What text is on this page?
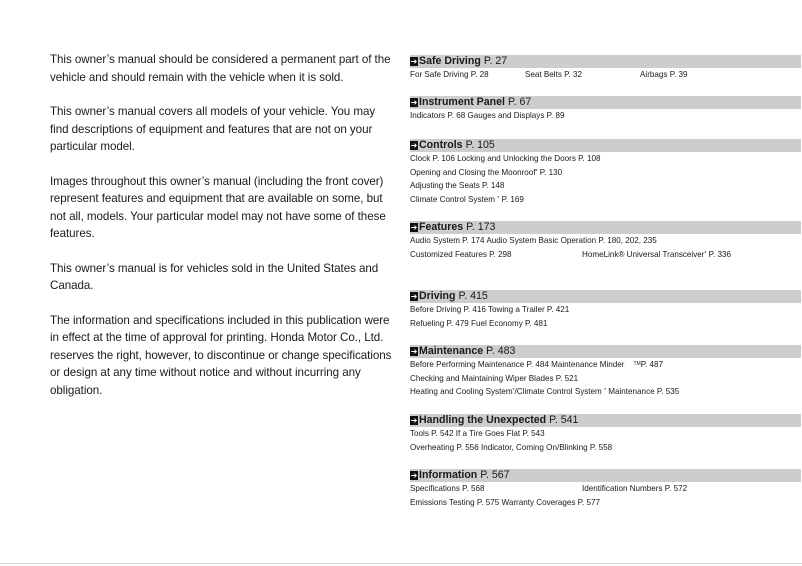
This owner’s manual should be considered a permanent part of the vehicle and should remain with the vehicle when it is sold.

This owner’s manual covers all models of your vehicle. You may find descriptions of equipment and features that are not on your particular model.

Images throughout this owner’s manual (including the front cover) represent features and equipment that are available on some, but not all, models. Your particular model may not have some of these features.

This owner’s manual is for vehicles sold in the United States and Canada.

The information and specifications included in this publication were in effect at the time of approval for printing. Honda Motor Co., Ltd. reserves the right, however, to discontinue or change specifications or design at any time without notice and without incurring any obligation.

➔ Safe Driving P. 27
For Safe Driving P. 28	Seat Belts P. 32	Airbags P. 39
➔ Instrument Panel P. 67
Indicators P. 68 Gauges and Displays P. 89
➔ Controls P. 105
Clock P. 106 Locking and Unlocking the Doors P. 108
Opening and Closing the Moonroof* P. 130
Adjusting the Seats P. 148
Climate Control System * P. 169
➔ Features P. 173
Audio System P. 174 Audio System Basic Operation P. 180, 202, 235
Customized Features P. 298	HomeLink® Universal Transceiver* P. 336
➔ Driving P. 415
Before Driving P. 416 Towing a Trailer P. 421
Refueling P. 479 Fuel Economy P. 481
➔ Maintenance P. 483
Before Performing Maintenance P. 484 Maintenance Minder ™P. 487
Checking and Maintaining Wiper Blades P. 521
Heating and Cooling System*/Climate Control System * Maintenance P. 535
➔ Handling the Unexpected P. 541
Tools P. 542 If a Tire Goes Flat P. 543
Overheating P. 556 Indicator, Coming On/Blinking P. 558
➔ Information P. 567
Specifications P. 568	Identification Numbers P. 572
Emissions Testing P. 575 Warranty Coverages P. 577
